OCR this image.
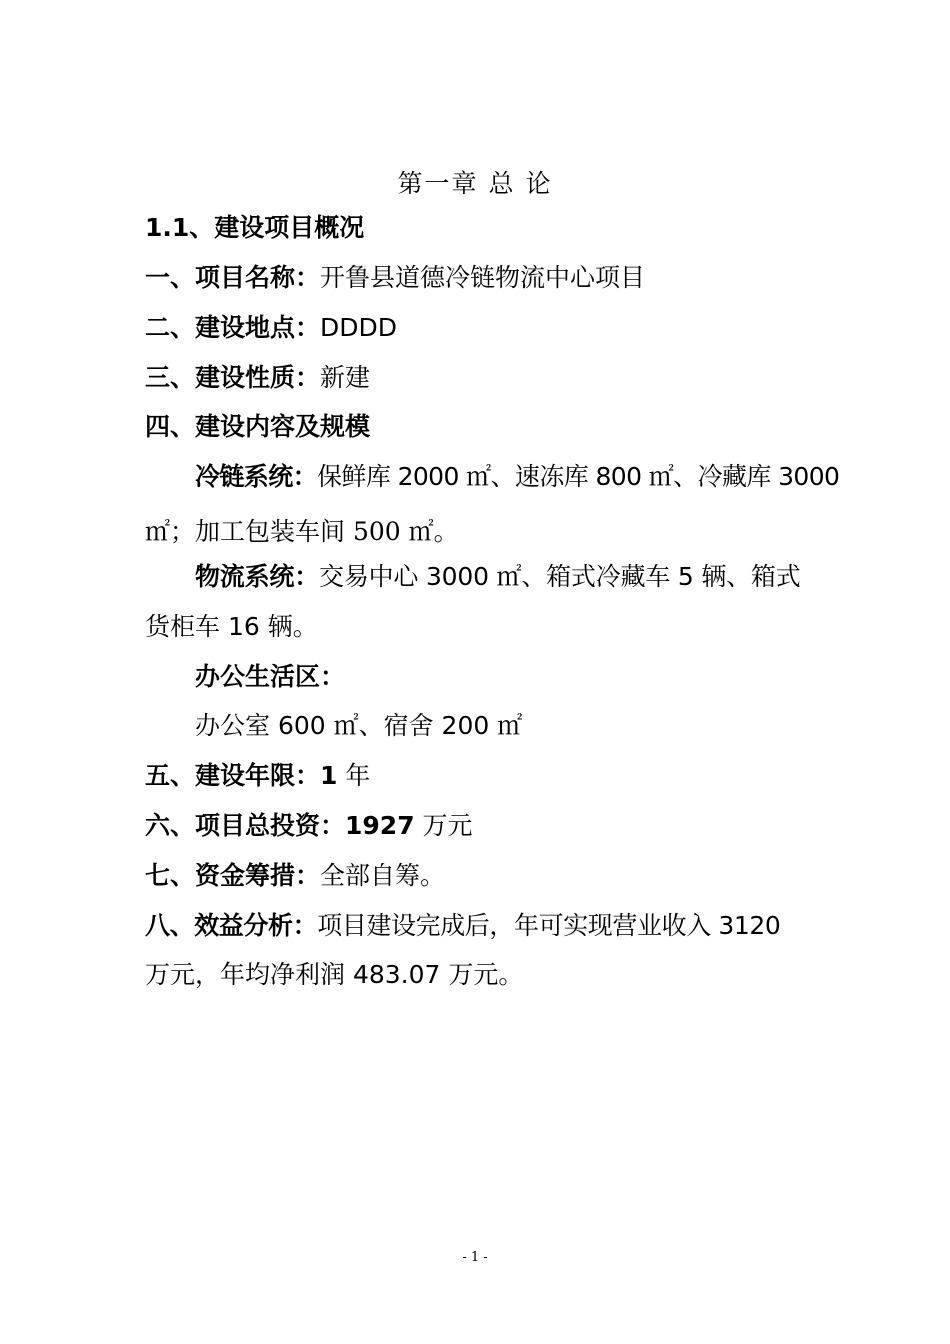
第一章 总 论
1.1、建设项目概况
一、项目名称：开鲁县道德冷链物流中心项目
二、建设地点：DDDD
三、建设性质：新建
四、建设内容及规模
冷链系统：保鲜库 2000 ㎡、速冻库 800 ㎡、冷藏库 3000
㎡；加工包装车间 500 ㎡。
物流系统：交易中心 3000 ㎡、箱式冷藏车 5 辆、箱式
货柜车 16 辆。
办公生活区：
办公室 600 ㎡、宿舍 200 ㎡
五、建设年限：1 年
六、项目总投资：1927 万元
七、资金筹措：全部自筹。
八、效益分析：项目建设完成后，年可实现营业收入 3120
万元，年均净利润 483.07 万元。
- 1 -
